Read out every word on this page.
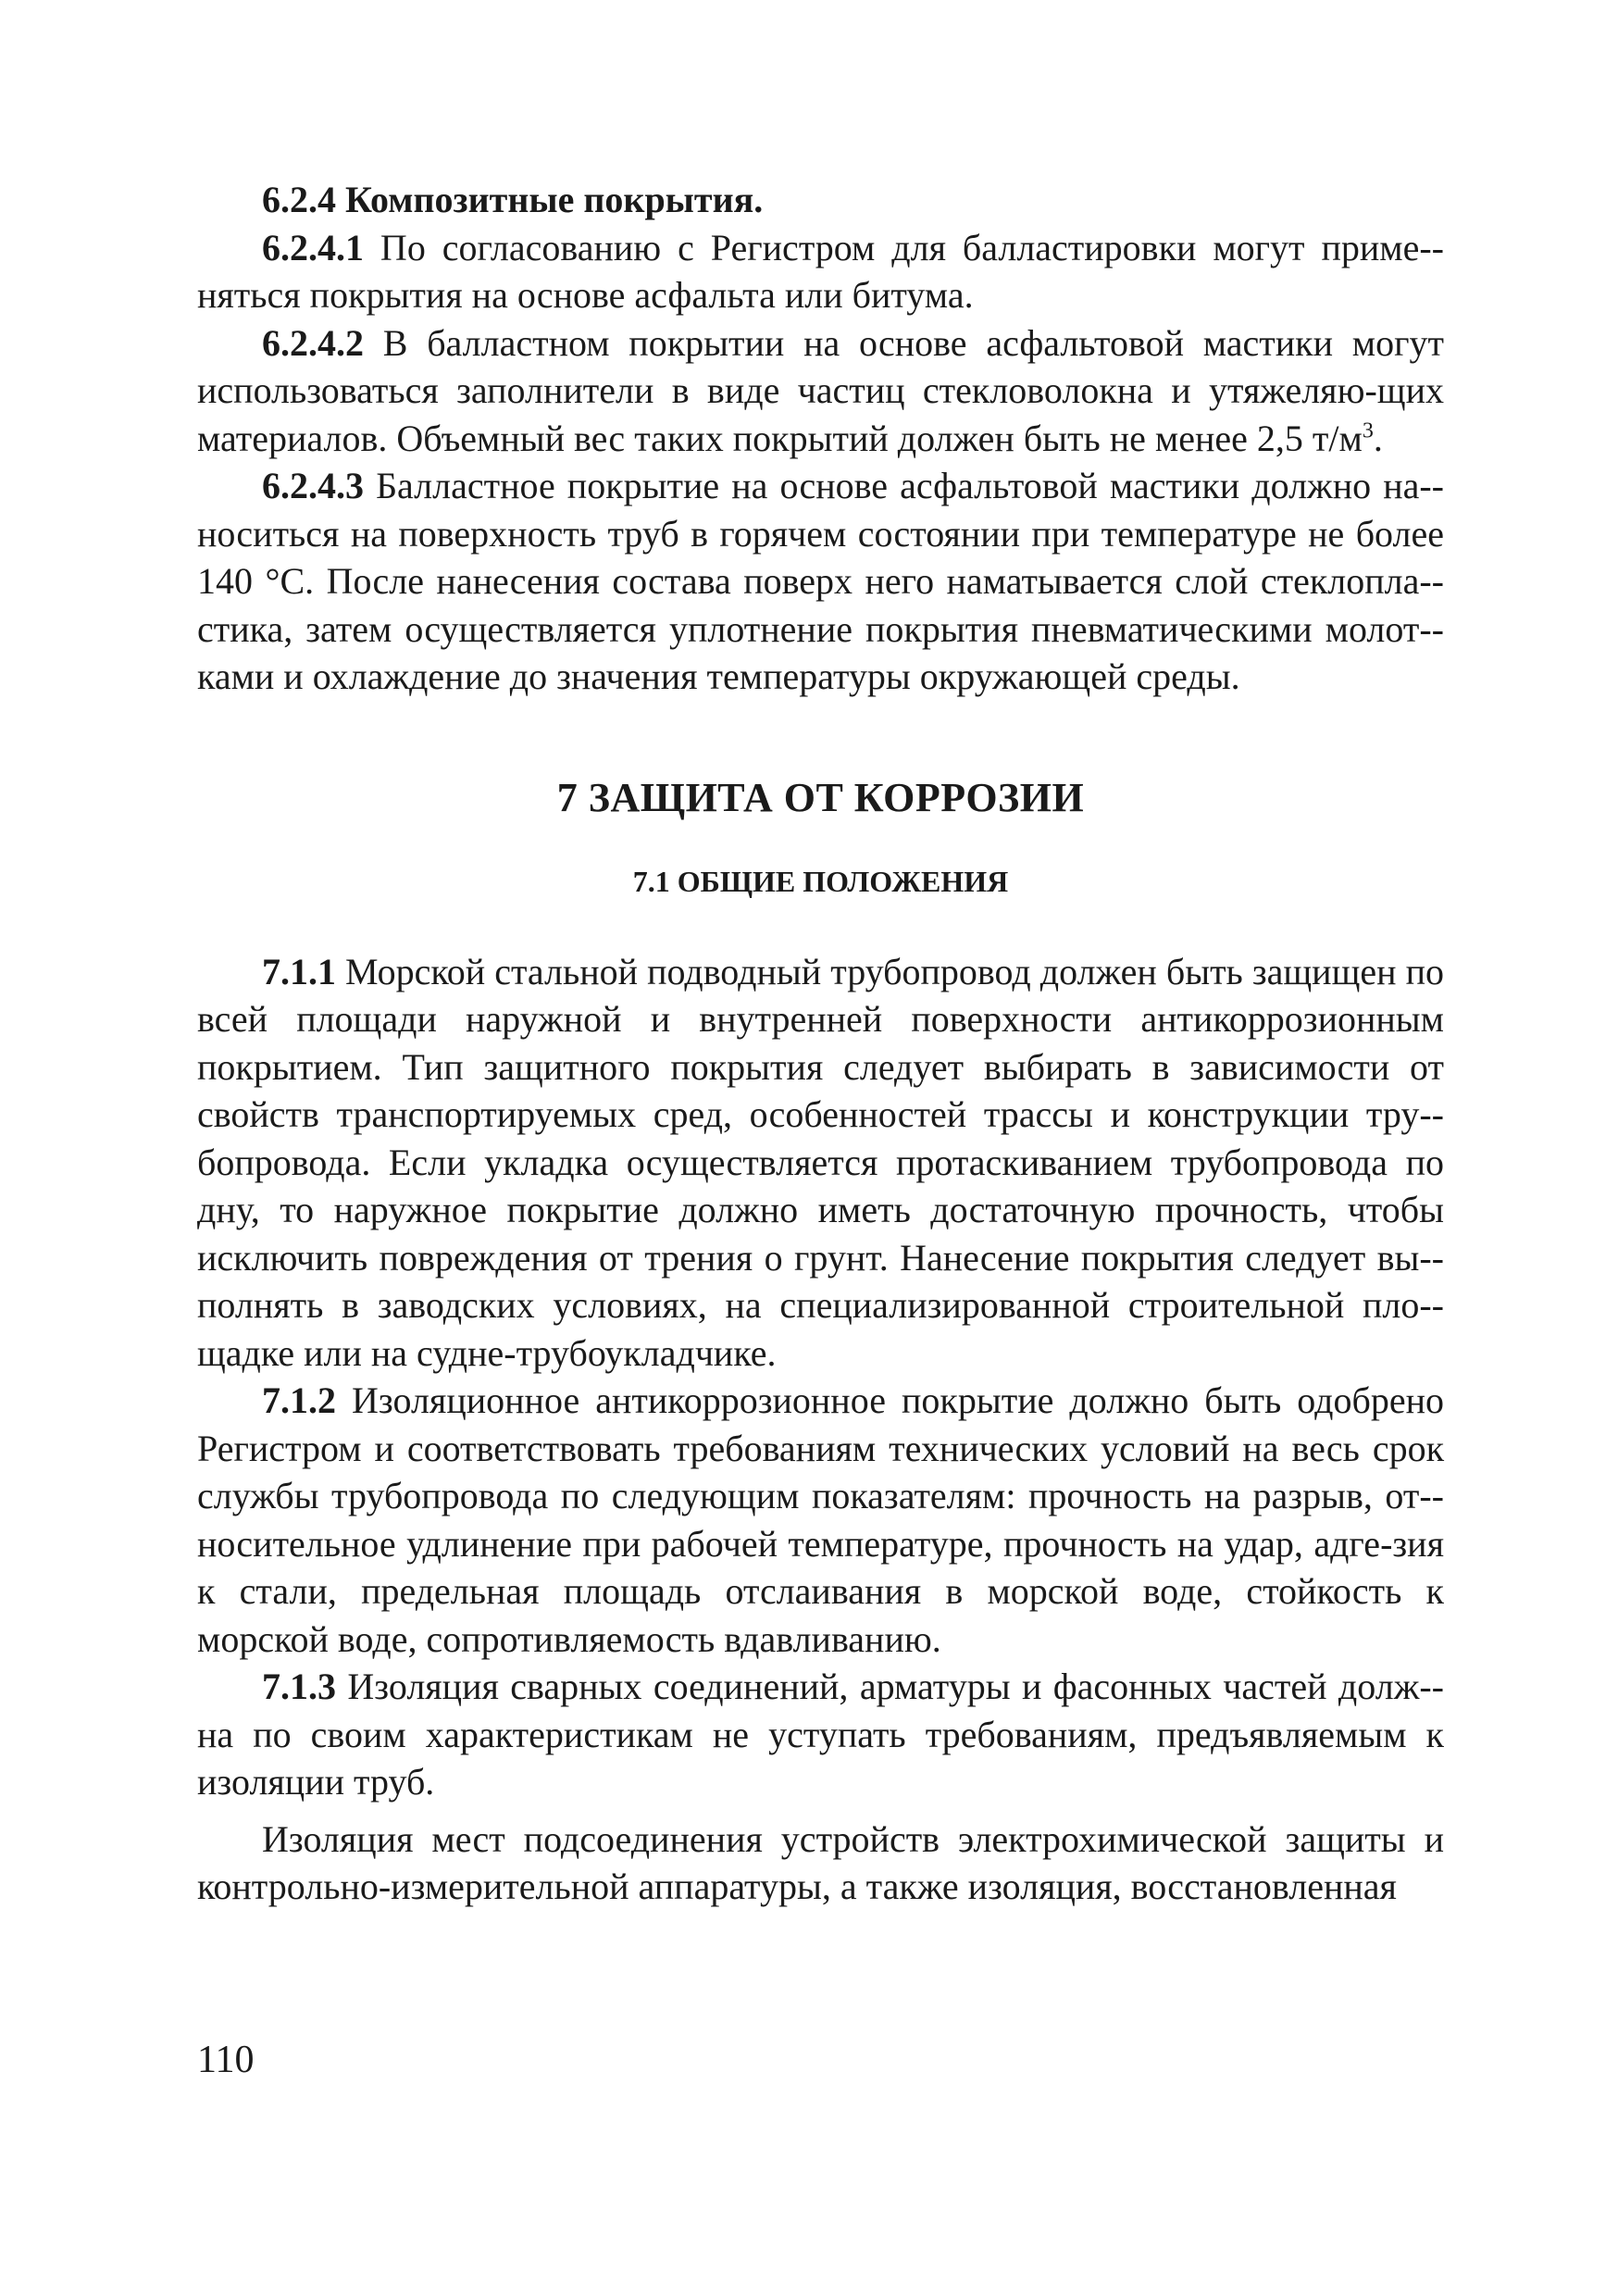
6.2.4 Композитные покрытия.

6.2.4.1 По согласованию с Регистром для балластировки могут приме-няться покрытия на основе асфальта или битума.

6.2.4.2 В балластном покрытии на основе асфальтовой мастики могут использоваться заполнители в виде частиц стекловолокна и утяжеляю-щих материалов. Объемный вес таких покрытий должен быть не менее 2,5 $т/м^3$.

6.2.4.3 Балластное покрытие на основе асфальтовой мастики должно на-носиться на поверхность труб в горячем состоянии при температуре не более 140 °С. После нанесения состава поверх него наматывается слой стеклопла-стика, затем осуществляется уплотнение покрытия пневматическими молот-ками и охлаждение до значения температуры окружающей среды.

7 ЗАЩИТА ОТ КОРРОЗИИ
7.1 ОБЩИЕ ПОЛОЖЕНИЯ

7.1.1 Морской стальной подводный трубопровод должен быть защищен по всей площади наружной и внутренней поверхности антикоррозионным покрытием. Тип защитного покрытия следует выбирать в зависимости от свойств транспортируемых сред, особенностей трассы и конструкции тру-бопровода. Если укладка осуществляется протаскиванием трубопровода по дну, то наружное покрытие должно иметь достаточную прочность, чтобы исключить повреждения от трения о грунт. Нанесение покрытия следует вы-полнять в заводских условиях, на специализированной строительной пло-щадке или на судне-трубоукладчике.

7.1.2 Изоляционное антикоррозионное покрытие должно быть одобрено Регистром и соответствовать требованиям технических условий на весь срок службы трубопровода по следующим показателям: прочность на разрыв, от-носительное удлинение при рабочей температуре, прочность на удар, адге-зия к стали, предельная площадь отслаивания в морской воде, стойкость к морской воде, сопротивляемость вдавливанию.

7.1.3 Изоляция сварных соединений, арматуры и фасонных частей долж-на по своим характеристикам не уступать требованиям, предъявляемым к изоляции труб.

Изоляция мест подсоединения устройств электрохимической защиты и контрольно-измерительной аппаратуры, а также изоляция, восстановленная

110
